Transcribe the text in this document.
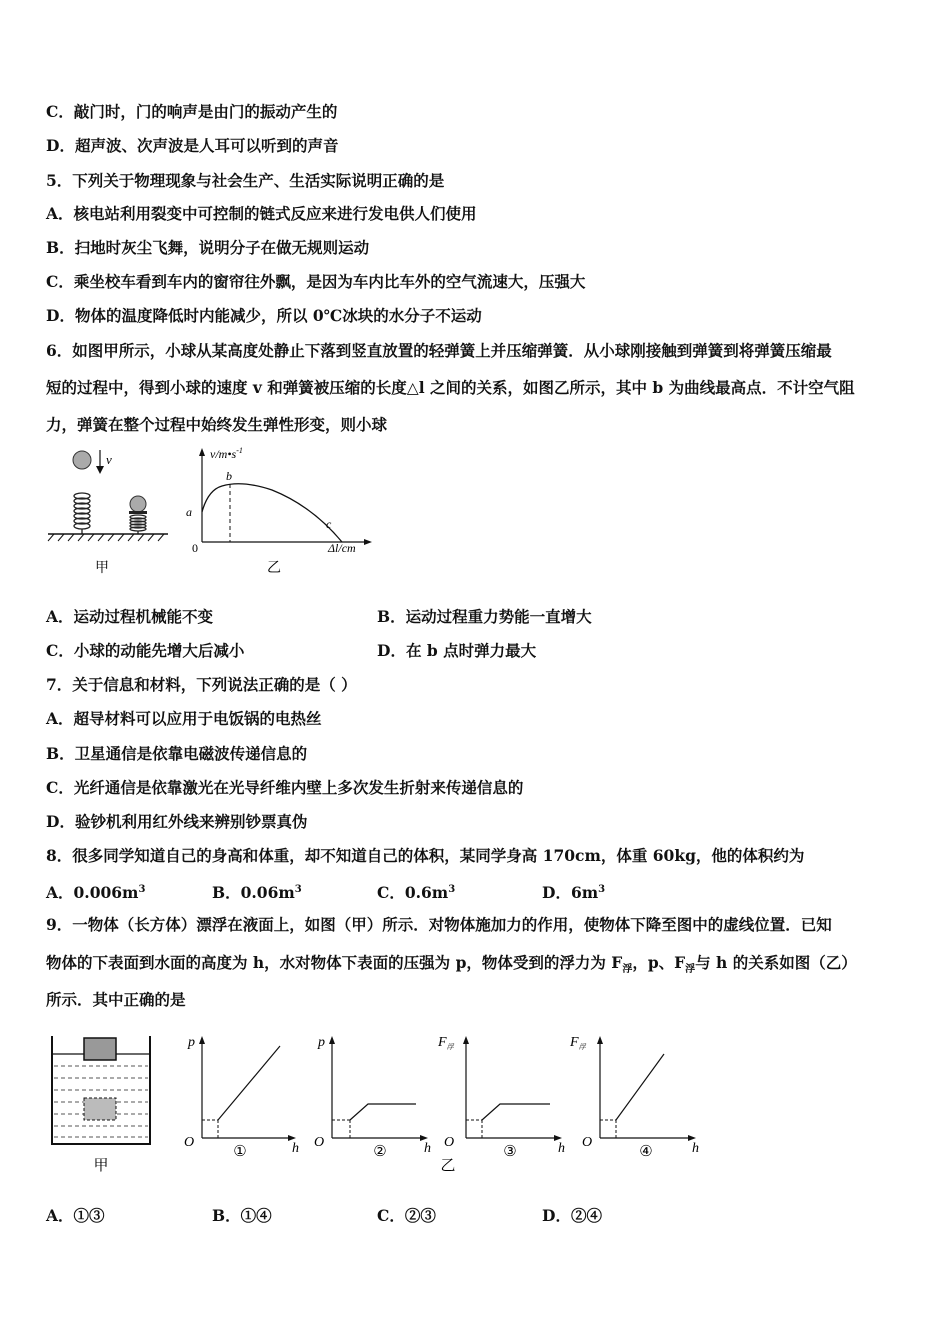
C．敲门时，门的响声是由门的振动产生的
D．超声波、次声波是人耳可以听到的声音
5．下列关于物理现象与社会生产、生活实际说明正确的是
A．核电站利用裂变中可控制的链式反应来进行发电供人们使用
B．扫地时灰尘飞舞，说明分子在做无规则运动
C．乘坐校车看到车内的窗帘往外飘，是因为车内比车外的空气流速大，压强大
D．物体的温度降低时内能减少，所以 0℃冰块的水分子不运动
6．如图甲所示，小球从某高度处静止下落到竖直放置的轻弹簧上并压缩弹簧．从小球刚接触到弹簧到将弹簧压缩最
短的过程中，得到小球的速度 v 和弹簧被压缩的长度△l 之间的关系，如图乙所示，其中 b 为曲线最高点．不计空气阻
力，弹簧在整个过程中始终发生弹性形变，则小球
v
甲
$v/m•s^{-1}$
0	Δl/cm
a
b
c
乙
A．运动过程机械能不变	B．运动过程重力势能一直增大
C．小球的动能先增大后减小	D．在 b 点时弹力最大
7．关于信息和材料，下列说法正确的是（ ）
A．超导材料可以应用于电饭锅的电热丝
B．卫星通信是依靠电磁波传递信息的
C．光纤通信是依靠激光在光导纤维内壁上多次发生折射来传递信息的
D．验钞机利用红外线来辨别钞票真伪
8．很多同学知道自己的身高和体重，却不知道自己的体积，某同学身高 170cm，体重 60kg，他的体积约为
A．$0.006m^3$	B．$0.06m^3$	C．$0.6m^3$	D．$6m^3$
9．一物体（长方体）漂浮在液面上，如图（甲）所示．对物体施加力的作用，使物体下降至图中的虚线位置．已知
物体的下表面到水面的高度为 h，水对物体下表面的压强为 p，物体受到的浮力为 $F_浮$，p、$F_浮$与 h 的关系如图（乙）
所示．其中正确的是
甲
p
O	h
①
p
O	h
②
$F_浮$
O	h
③
$F_浮$
O	h
④
乙
A．①③	B．①④	C．②③	D．②④
